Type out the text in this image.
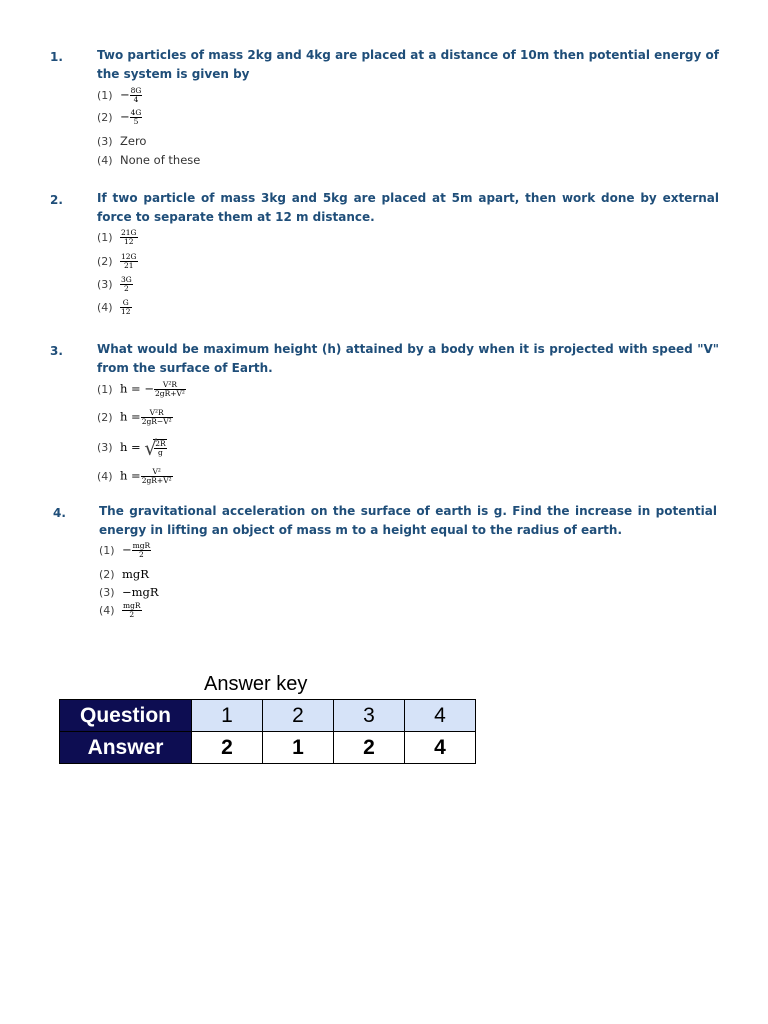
1.	Two particles of mass 2kg and 4kg are placed at a distance of 10m then potential energy of the system is given by
$(1) - \frac{8G}{4}$
$(2) - \frac{4G}{5}$
(3) Zero
(4) None of these
2.	If two particle of mass 3kg and 5kg are placed at 5m apart, then work done by external force to separate them at 12 m distance.
$(1) \frac{21G}{12}$
$(2) \frac{12G}{21}$
$(3) \frac{3G}{2}$
$(4) \frac{G}{12}$
3.	What would be maximum height (h) attained by a body when it is projected with speed "V" from the surface of Earth.
(1) h = − $\frac{\text{V²R}}{\text{2gR+V²}}$
(2) $h = \frac{\text{V²R}}{\text{2gR−V²}}$
(3) h = √
$\frac{2R}{g}$
(4) $h = \frac{\text{V²}}{\text{2gR+V²}}$
4.	The gravitational acceleration on the surface of earth is g. Find the increase in potential energy in lifting an object of mass m to a height equal to the radius of earth.
$(1) - \frac{\text{mgR}}{2}$
(2) mgR
(3) −mgR
$(4) \frac{\text{mgR}}{2}$
Answer key
Question	1	2	3	4
Answer	2	1	2	4
